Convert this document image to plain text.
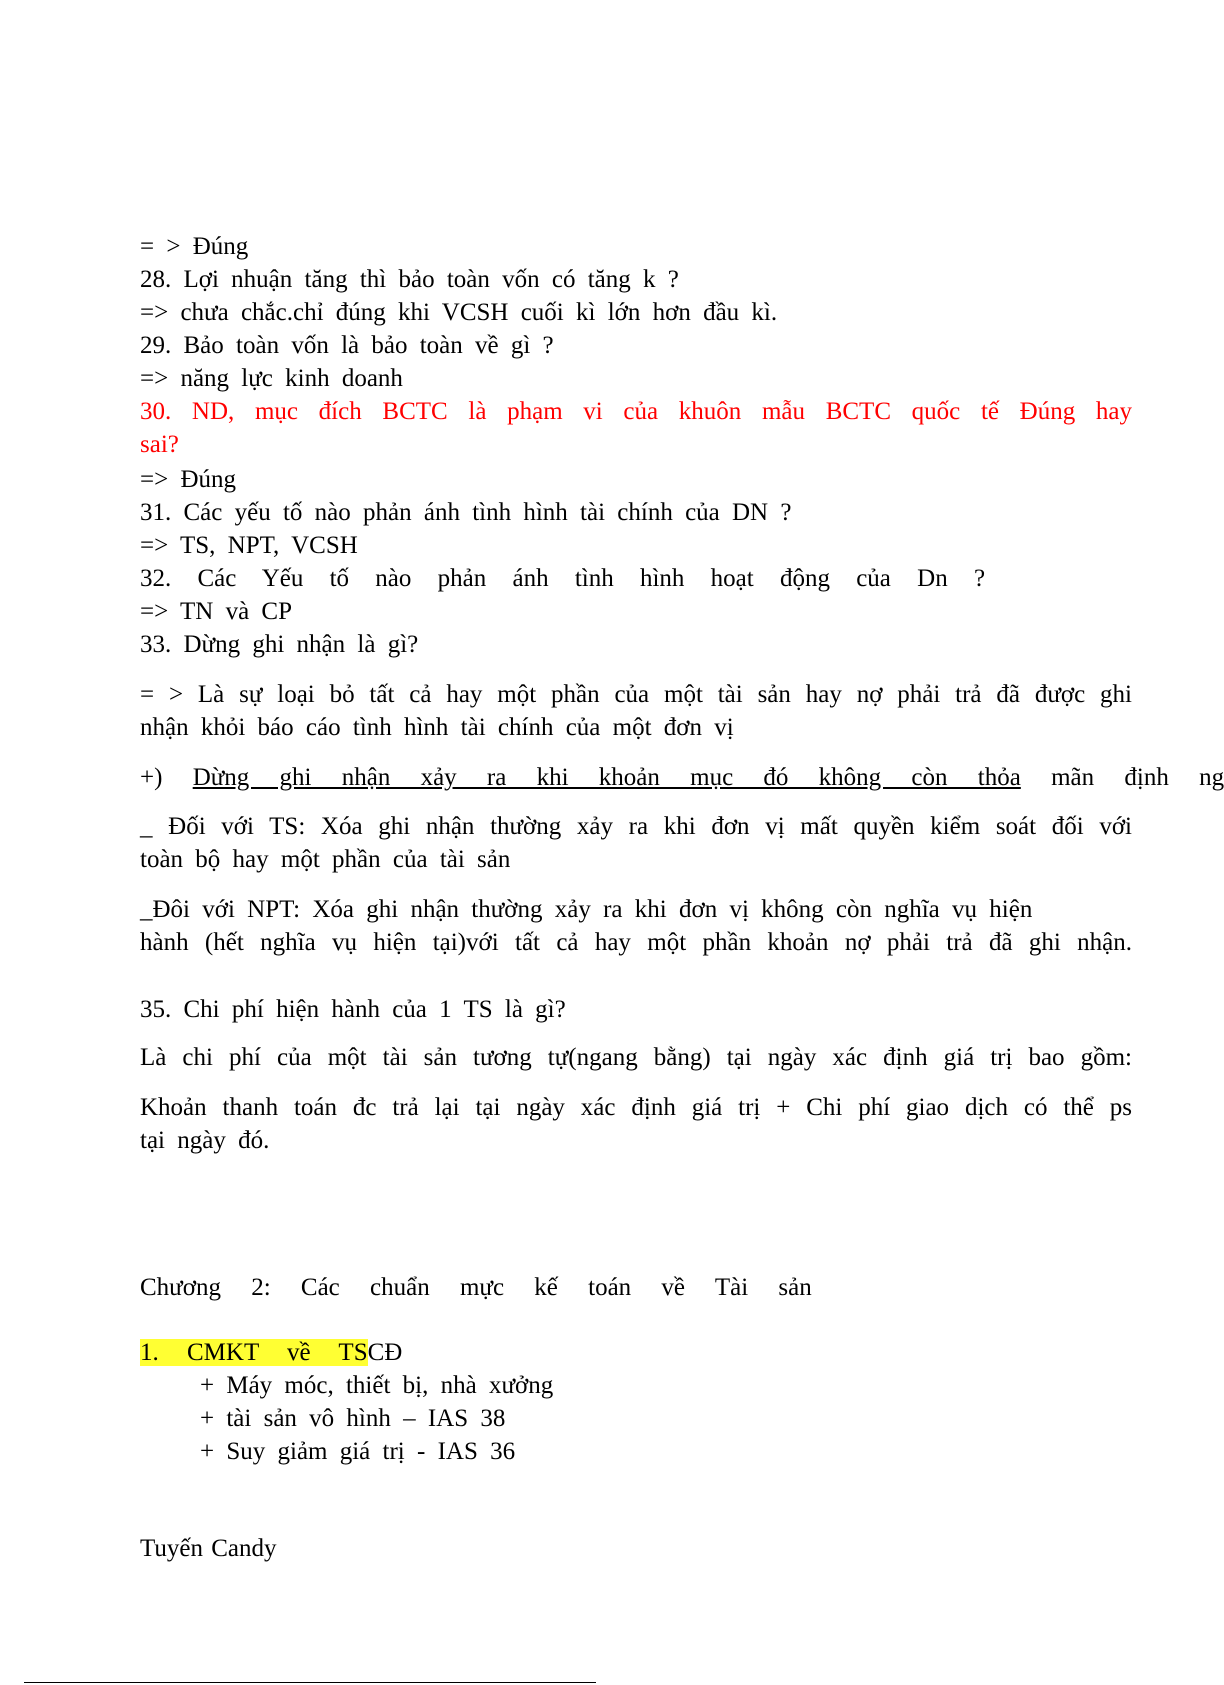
= > Đúng
28. Lợi nhuận tăng thì bảo toàn vốn có tăng k ?
=> chưa chắc.chỉ đúng khi VCSH cuối kì lớn hơn đầu kì.
29. Bảo toàn vốn là bảo toàn về gì ?
=> năng lực kinh doanh
30. ND, mục đích BCTC là phạm vi của khuôn mẫu BCTC quốc tế Đúng hay
sai?
=> Đúng
31. Các yếu tố nào phản ánh tình hình tài chính của DN ?
=> TS, NPT, VCSH
32. Các Yếu tố nào phản ánh tình hình hoạt động của Dn ?
=> TN và CP
33. Dừng ghi nhận là gì?
= > Là sự loại bỏ tất cả hay một phần của một tài sản hay nợ phải trả đã được ghi
nhận khỏi báo cáo tình hình tài chính của một đơn vị
+) Dừng ghi nhận xảy ra khi khoản mục đó không còn thỏa mãn định ng
_ Đối với TS: Xóa ghi nhận thường xảy ra khi đơn vị mất quyền kiểm soát đối với
toàn bộ hay một phần của tài sản
_Đôi với NPT: Xóa ghi nhận thường xảy ra khi đơn vị không còn nghĩa vụ hiện
hành (hết nghĩa vụ hiện tại)với tất cả hay một phần khoản nợ phải trả đã ghi nhận.
35. Chi phí hiện hành của 1 TS là gì?
Là chi phí của một tài sản tương tự(ngang bằng) tại ngày xác định giá trị bao gồm:
Khoản thanh toán đc trả lại tại ngày xác định giá trị + Chi phí giao dịch có thể ps
tại ngày đó.
Chương 2: Các chuẩn mực kế toán về Tài sản
1. CMKT về TSCĐ
+ Máy móc, thiết bị, nhà xưởng
+ tài sản vô hình – IAS 38
+ Suy giảm giá trị - IAS 36
Tuyến Candy
